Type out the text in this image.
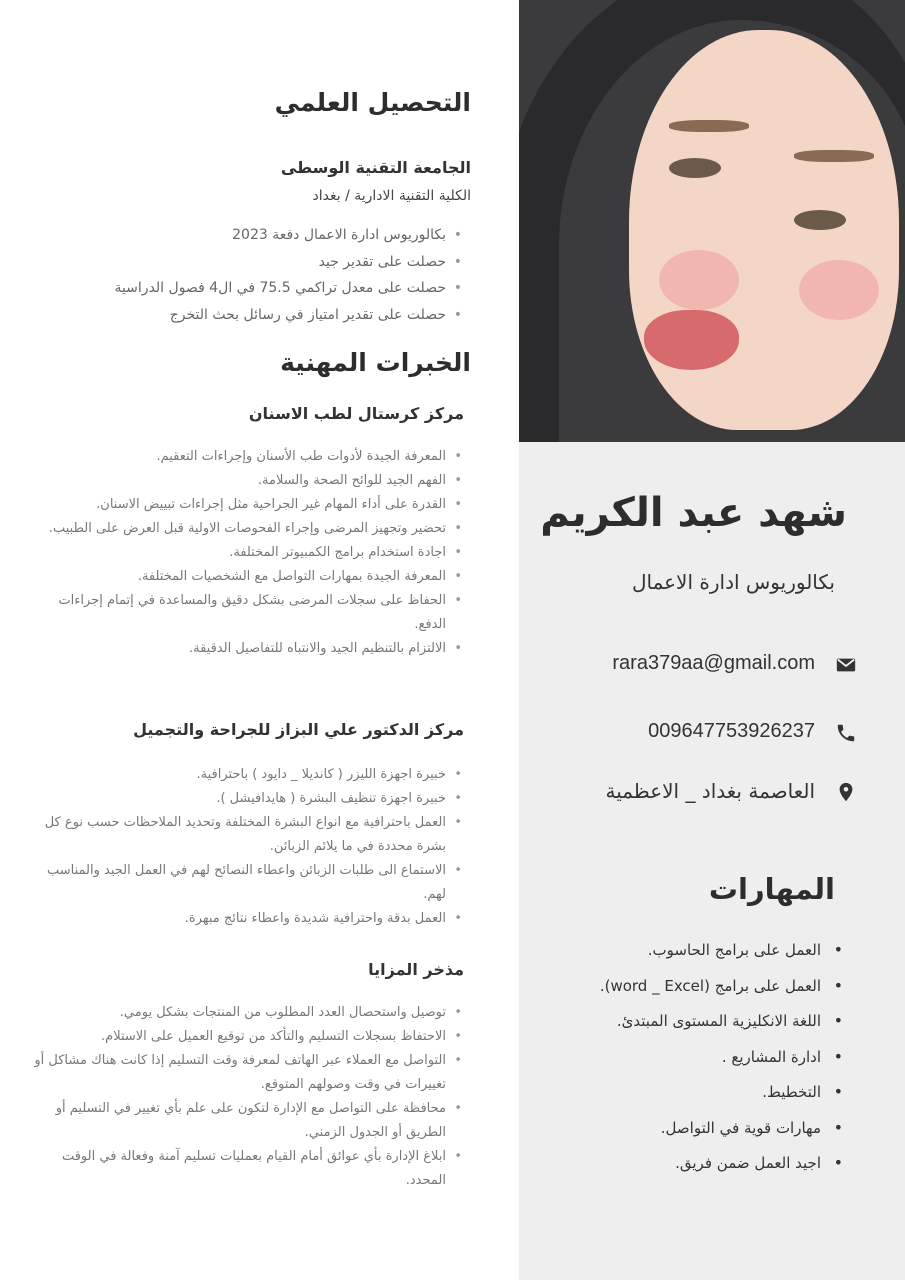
التحصيل العلمي
الجامعة التقنية الوسطى
الكلية التقنية الادارية / بغداد
• بكالوريوس ادارة الاعمال دفعة 2023
• حصلت على تقدير جيد
• حصلت على معدل تراكمي 75.5 في ال4 فصول الدراسية
• حصلت على تقدير امتياز في رسائل بحث التخرج
الخبرات المهنية
مركز كرستال لطب الاسنان
• المعرفة الجيدة لأدوات طب الأسنان وإجراءات التعقيم.
• الفهم الجيد للوائح الصحة والسلامة.
• القدرة على أداء المهام غير الجراحية مثل إجراءات تبييض الاسنان.
• تحضير وتجهيز المرضى وإجراء الفحوصات الاولية قبل العرض على الطبيب.
• اجادة استخدام برامج الكمبيوتر المختلفة.
• المعرفة الجيدة بمهارات التواصل مع الشخصيات المختلفة.
• الحفاظ على سجلات المرضى بشكل دقيق والمساعدة في إتمام إجراءات الدفع.
• الالتزام بالتنظيم الجيد والانتباه للتفاصيل الدقيقة.
مركز الدكتور علي البزاز للجراحة والتجميل
• خبيرة اجهزة الليزر ( كانديلا _ دايود ) باحترافية.
• خبيرة اجهزة تنظيف البشرة ( هايدافيشل ).
• العمل باحترافية مع انواع البشرة المختلفة وتحديد الملاحظات حسب نوع كل بشرة محددة في ما يلائم الزبائن.
• الاستماع الى طلبات الزبائن واعطاء النصائح لهم في العمل الجيد والمناسب لهم.
• العمل بدقة واحترافية شديدة واعطاء نتائج مبهرة.
مذخر المزايا
• توصيل واستحصال العدد المطلوب من المنتجات بشكل يومي.
• الاحتفاظ بسجلات التسليم والتأكد من توقيع العميل على الاستلام.
• التواصل مع العملاء عبر الهاتف لمعرفة وقت التسليم إذا كانت هناك مشاكل أو تغييرات في وقت وصولهم المتوقع.
• محافظة على التواصل مع الإدارة لتكون على علم بأي تغيير في التسليم أو الطريق أو الجدول الزمني.
• ابلاغ الإدارة بأي عوائق أمام القيام بعمليات تسليم آمنة وفعالة في الوقت المحدد.
شهد عبد الكريم
بكالوريوس ادارة الاعمال
rara379aa@gmail.com
009647753926237
العاصمة بغداد _ الاعظمية
المهارات
• العمل على برامج الحاسوب.
• العمل على برامج (word _ Excel).
• اللغة الانكليزية المستوى المبتدئ.
• ادارة المشاريع .
• التخطيط.
• مهارات قوية في التواصل.
• اجيد العمل ضمن فريق.
